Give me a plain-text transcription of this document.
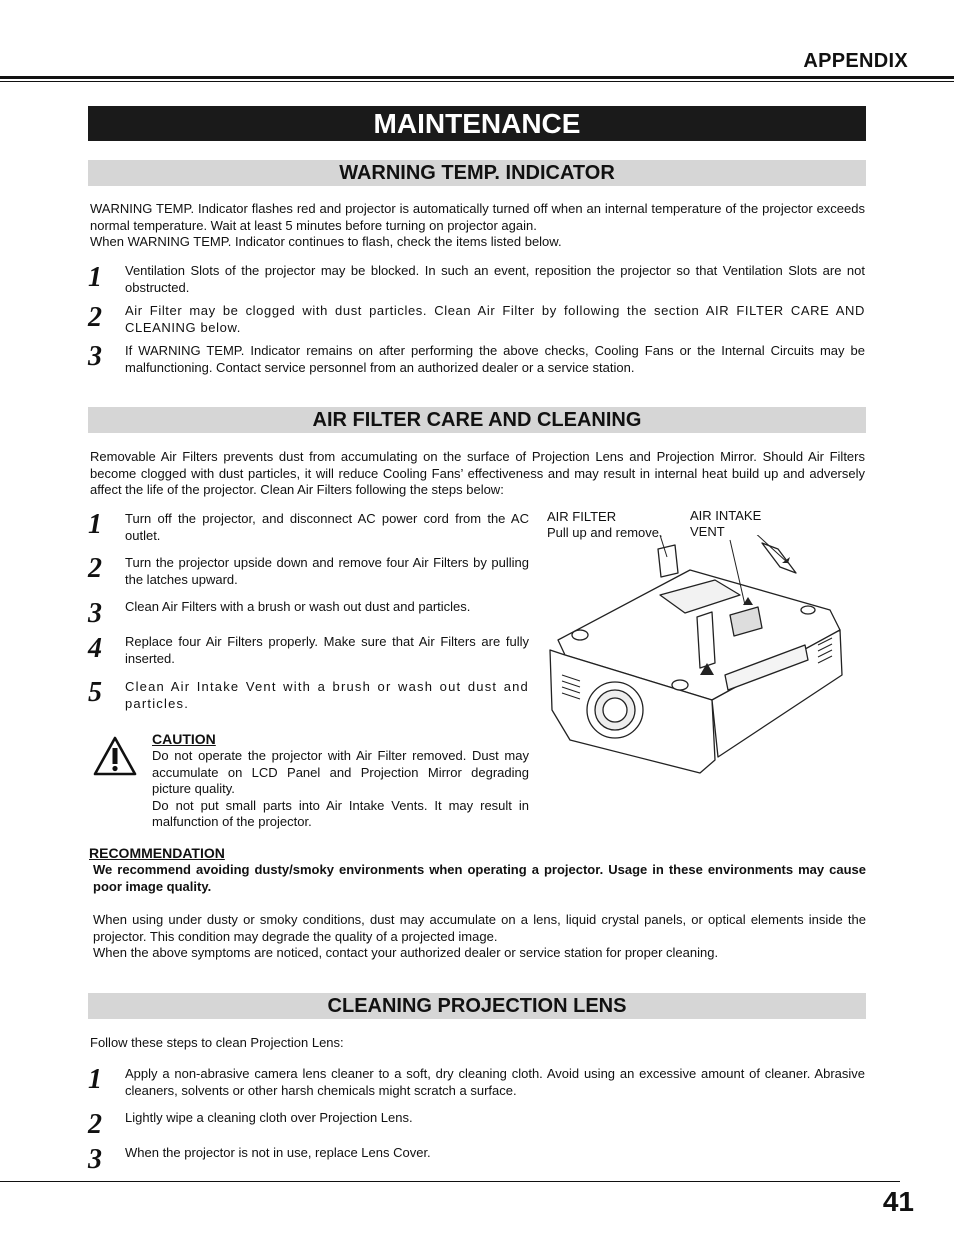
APPENDIX
MAINTENANCE
WARNING TEMP. INDICATOR

WARNING TEMP. Indicator flashes red and projector is automatically turned off when an internal temperature of the projector exceeds normal temperature. Wait at least 5 minutes before turning on projector again.

When WARNING TEMP. Indicator continues to flash, check the items listed below.

1 Ventilation Slots of the projector may be blocked. In such an event, reposition the projector so that Ventilation Slots are not obstructed.
2 Air Filter may be clogged with dust particles. Clean Air Filter by following the section AIR FILTER CARE AND CLEANING below.
3 If WARNING TEMP. Indicator remains on after performing the above checks, Cooling Fans or the Internal Circuits may be malfunctioning. Contact service personnel from an authorized dealer or a service station.
AIR FILTER CARE AND CLEANING
Removable Air Filters prevents dust from accumulating on the surface of Projection Lens and Projection Mirror. Should Air Filters become clogged with dust particles, it will reduce Cooling Fans’ effectiveness and may result in internal heat build up and adversely affect the life of the projector. Clean Air Filters following the steps below:
1 Turn off the projector, and disconnect AC power cord from the AC outlet.
2 Turn the projector upside down and remove four Air Filters by pulling the latches upward.
3 Clean Air Filters with a brush or wash out dust and particles.
4 Replace four Air Filters properly. Make sure that Air Filters are fully inserted.
5 Clean Air Intake Vent with a brush or wash out dust and particles.
AIR FILTER
Pull up and remove.
AIR INTAKE
VENT
CAUTION

Do not operate the projector with Air Filter removed. Dust may accumulate on LCD Panel and Projection Mirror degrading picture quality.

Do not put small parts into Air Intake Vents. It may result in malfunction of the projector.

RECOMMENDATION
We recommend avoiding dusty/smoky environments when operating a projector. Usage in these environments may cause poor image quality.

When using under dusty or smoky conditions, dust may accumulate on a lens, liquid crystal panels, or optical elements inside the projector. This condition may degrade the quality of a projected image.

When the above symptoms are noticed, contact your authorized dealer or service station for proper cleaning.

CLEANING PROJECTION LENS
Follow these steps to clean Projection Lens:
1 Apply a non-abrasive camera lens cleaner to a soft, dry cleaning cloth. Avoid using an excessive amount of cleaner. Abrasive cleaners, solvents or other harsh chemicals might scratch a surface.
2 Lightly wipe a cleaning cloth over Projection Lens.
3 When the projector is not in use, replace Lens Cover.
41
